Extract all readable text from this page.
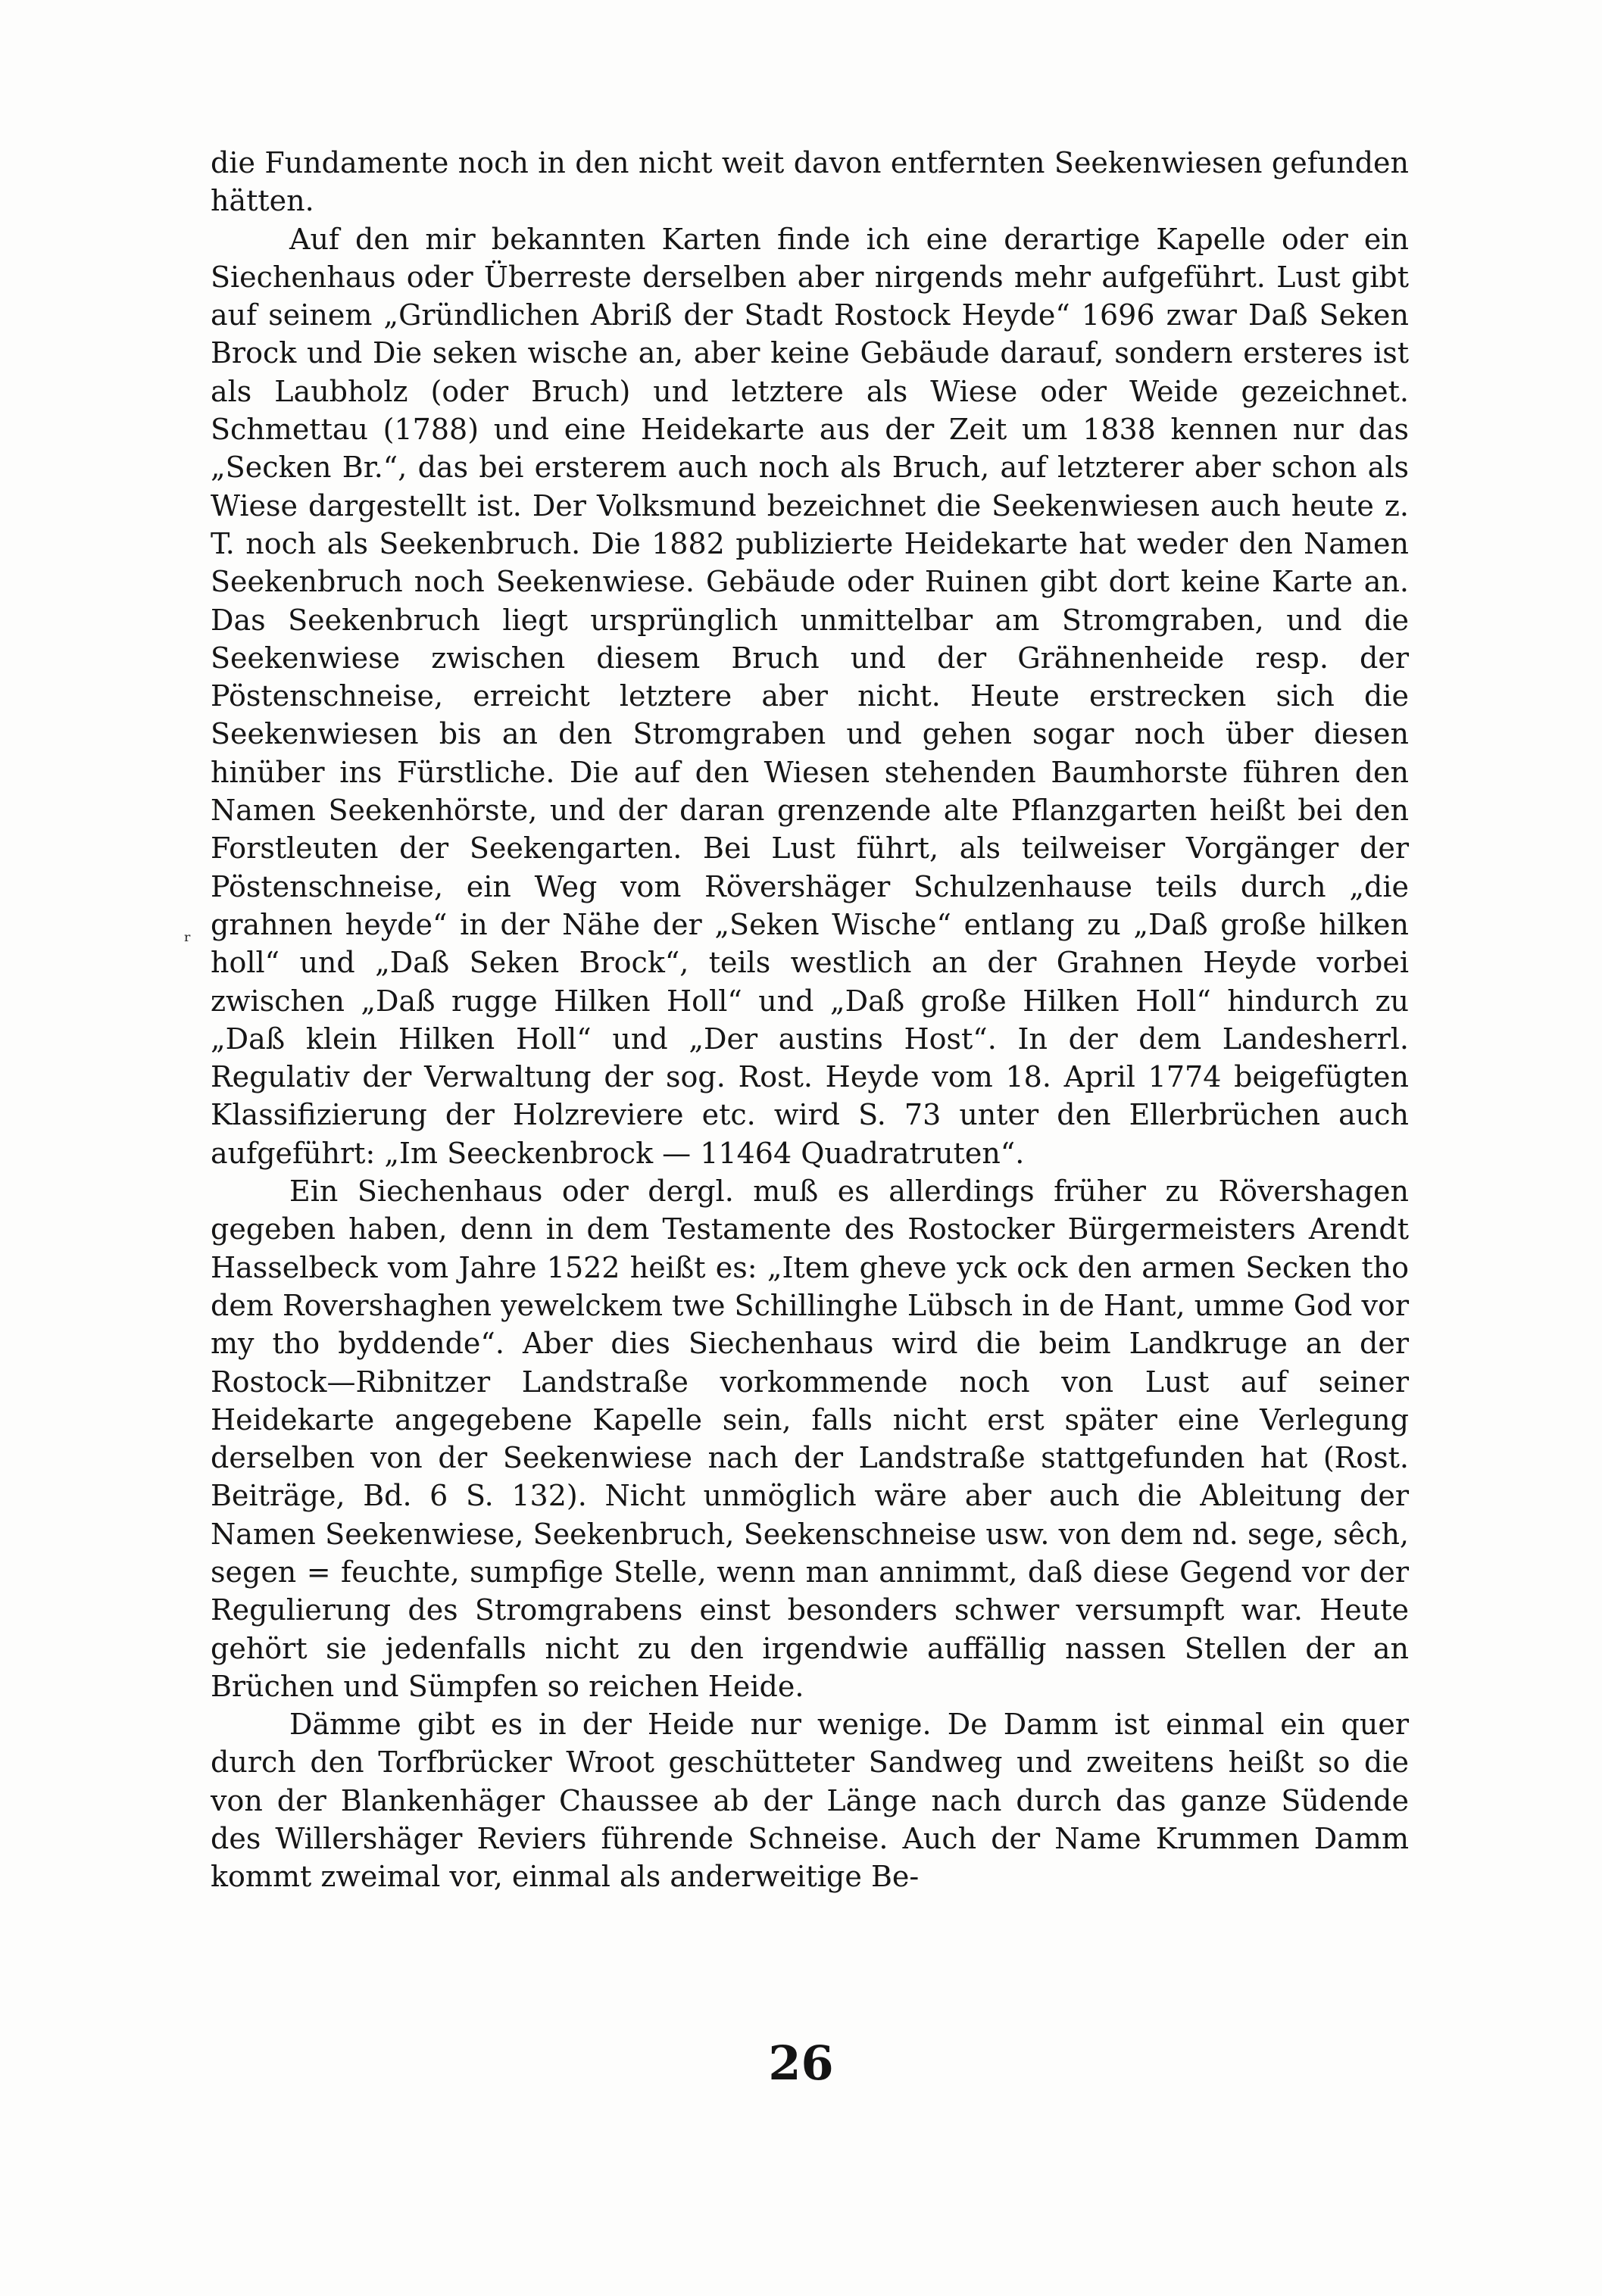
die Fundamente noch in den nicht weit davon entfernten Seekenwiesen gefunden hätten.

Auf den mir bekannten Karten finde ich eine derartige Kapelle oder ein Siechenhaus oder Überreste derselben aber nirgends mehr aufgeführt. Lust gibt auf seinem „Gründlichen Abriß der Stadt Rostock Heyde“ 1696 zwar Daß Seken Brock und Die seken wische an, aber keine Gebäude darauf, sondern ersteres ist als Laubholz (oder Bruch) und letztere als Wiese oder Weide gezeichnet. Schmettau (1788) und eine Heidekarte aus der Zeit um 1838 kennen nur das „Secken Br.“, das bei ersterem auch noch als Bruch, auf letzterer aber schon als Wiese dargestellt ist. Der Volksmund bezeichnet die Seekenwiesen auch heute z. T. noch als Seekenbruch. Die 1882 publizierte Heidekarte hat weder den Namen Seekenbruch noch Seekenwiese. Gebäude oder Ruinen gibt dort keine Karte an. Das Seekenbruch liegt ursprünglich unmittelbar am Stromgraben, und die Seekenwiese zwischen diesem Bruch und der Grähnenheide resp. der Pöstenschneise, erreicht letztere aber nicht. Heute erstrecken sich die Seekenwiesen bis an den Stromgraben und gehen sogar noch über diesen hinüber ins Fürstliche. Die auf den Wiesen stehenden Baumhorste führen den Namen Seekenhörste, und der daran grenzende alte Pflanzgarten heißt bei den Forstleuten der Seekengarten. Bei Lust führt, als teilweiser Vorgänger der Pöstenschneise, ein Weg vom Rövershäger Schulzenhause teils durch „die grahnen heyde“ in der Nähe der „Seken Wische“ entlang zu „Daß große hilken holl“ und „Daß Seken Brock“, teils westlich an der Grahnen Heyde vorbei zwischen „Daß rugge Hilken Holl“ und „Daß große Hilken Holl“ hindurch zu „Daß klein Hilken Holl“ und „Der austins Host“. In der dem Landesherrl. Regulativ der Verwaltung der sog. Rost. Heyde vom 18. April 1774 beigefügten Klassifizierung der Holzreviere etc. wird S. 73 unter den Ellerbrüchen auch aufgeführt: „Im Seeckenbrock — 11464 Quadratruten“.

Ein Siechenhaus oder dergl. muß es allerdings früher zu Rövershagen gegeben haben, denn in dem Testamente des Rostocker Bürgermeisters Arendt Hasselbeck vom Jahre 1522 heißt es: „Item gheve yck ock den armen Secken tho dem Rovershaghen yewelckem twe Schillinghe Lübsch in de Hant, umme God vor my tho byddende“. Aber dies Siechenhaus wird die beim Landkruge an der Rostock—Ribnitzer Landstraße vorkommende noch von Lust auf seiner Heidekarte angegebene Kapelle sein, falls nicht erst später eine Verlegung derselben von der Seekenwiese nach der Landstraße stattgefunden hat (Rost. Beiträge, Bd. 6 S. 132). Nicht unmöglich wäre aber auch die Ableitung der Namen Seekenwiese, Seekenbruch, Seekenschneise usw. von dem nd. sege, sêch, segen = feuchte, sumpfige Stelle, wenn man annimmt, daß diese Gegend vor der Regulierung des Stromgrabens einst besonders schwer versumpft war. Heute gehört sie jedenfalls nicht zu den irgendwie auffällig nassen Stellen der an Brüchen und Sümpfen so reichen Heide.

Dämme gibt es in der Heide nur wenige. De Damm ist einmal ein quer durch den Torfbrücker Wroot geschütteter Sandweg und zweitens heißt so die von der Blankenhäger Chaussee ab der Länge nach durch das ganze Südende des Willershäger Reviers führende Schneise. Auch der Name Krummen Damm kommt zweimal vor, einmal als anderweitige Be-

ʳ
26
